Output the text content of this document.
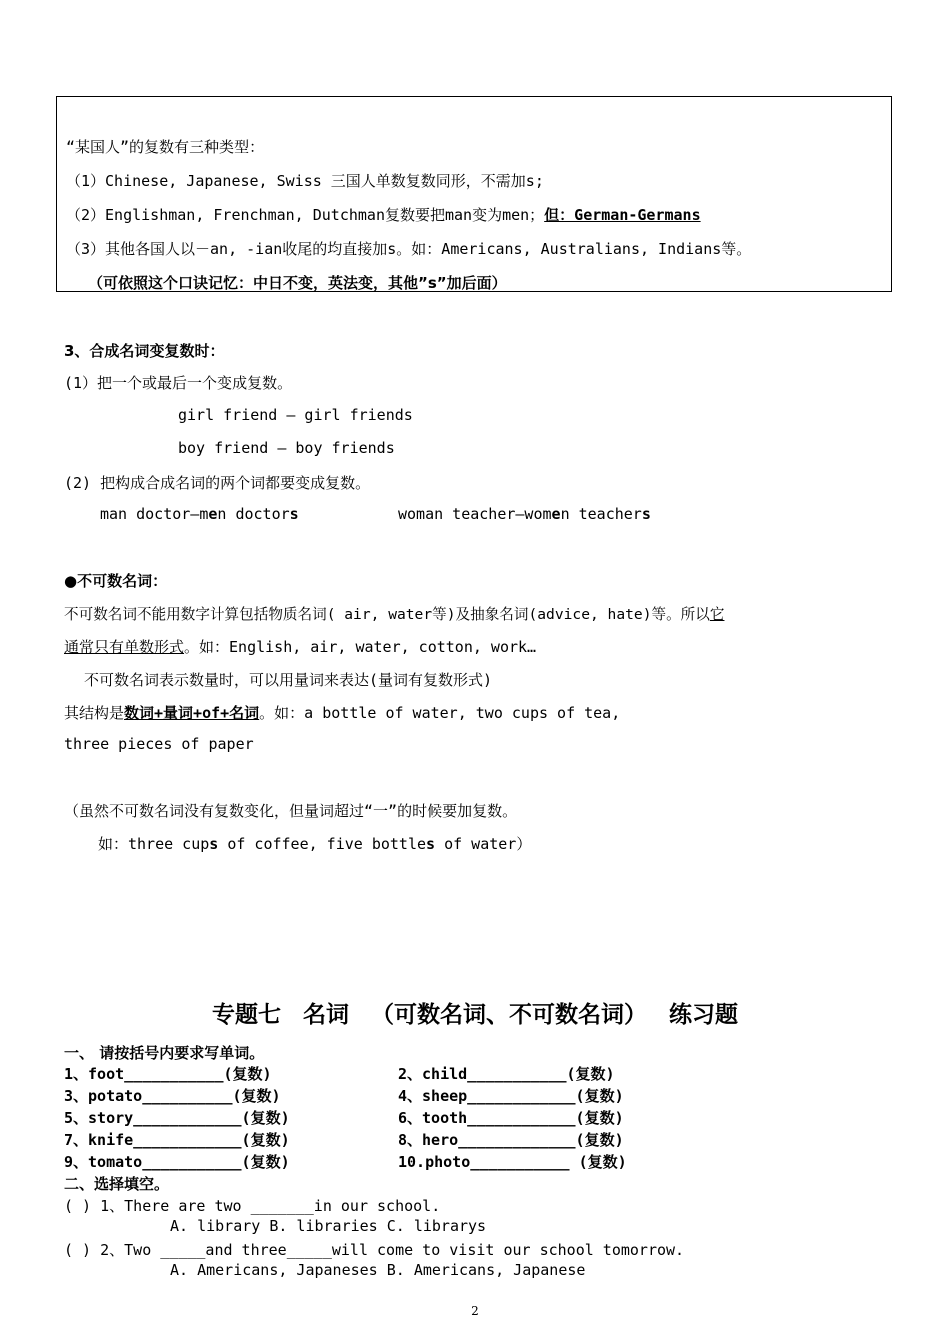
“某国人”的复数有三种类型：
（1）Chinese, Japanese, Swiss 三国人单数复数同形，不需加s;
（2）Englishman, Frenchman, Dutchman复数要把man变为men；但：German-Germans
（3）其他各国人以－an, -ian收尾的均直接加s。如：Americans, Australians, Indians等。
（可依照这个口诀记忆：中日不变，英法变，其他”s”加后面）
3、合成名词变复数时：
(1）把一个或最后一个变成复数。
girl friend — girl friends
boy friend — boy friends
(2) 把构成合成名词的两个词都要变成复数。
man doctor—men doctors	woman teacher—women teachers
●不可数名词：
不可数名词不能用数字计算包括物质名词( air, water等)及抽象名词(advice, hate)等。所以它
通常只有单数形式。如：English, air, water, cotton, work…
不可数名词表示数量时，可以用量词来表达(量词有复数形式)
其结构是数词+量词+of+名词。如：a bottle of water, two cups of tea,
three pieces of paper
（虽然不可数名词没有复数变化，但量词超过“一”的时候要加复数。
如：three cups of coffee, five bottles of water）
专题七 名词 （可数名词、不可数名词） 练习题
一、 请按括号内要求写单词。
1、foot___________(复数)	2、child___________(复数)
3、potato__________(复数)	4、sheep____________(复数)
5、story____________(复数)	6、tooth____________(复数)
7、knife____________(复数)	8、hero_____________(复数)
9、tomato___________(复数)	10.photo___________ (复数)
二、选择填空。
( ) 1、There are two _______in our school.
A. library B. libraries C. librarys
( ) 2、Two _____and three_____will come to visit our school tomorrow.
A. Americans, Japaneses B. Americans, Japanese
2
